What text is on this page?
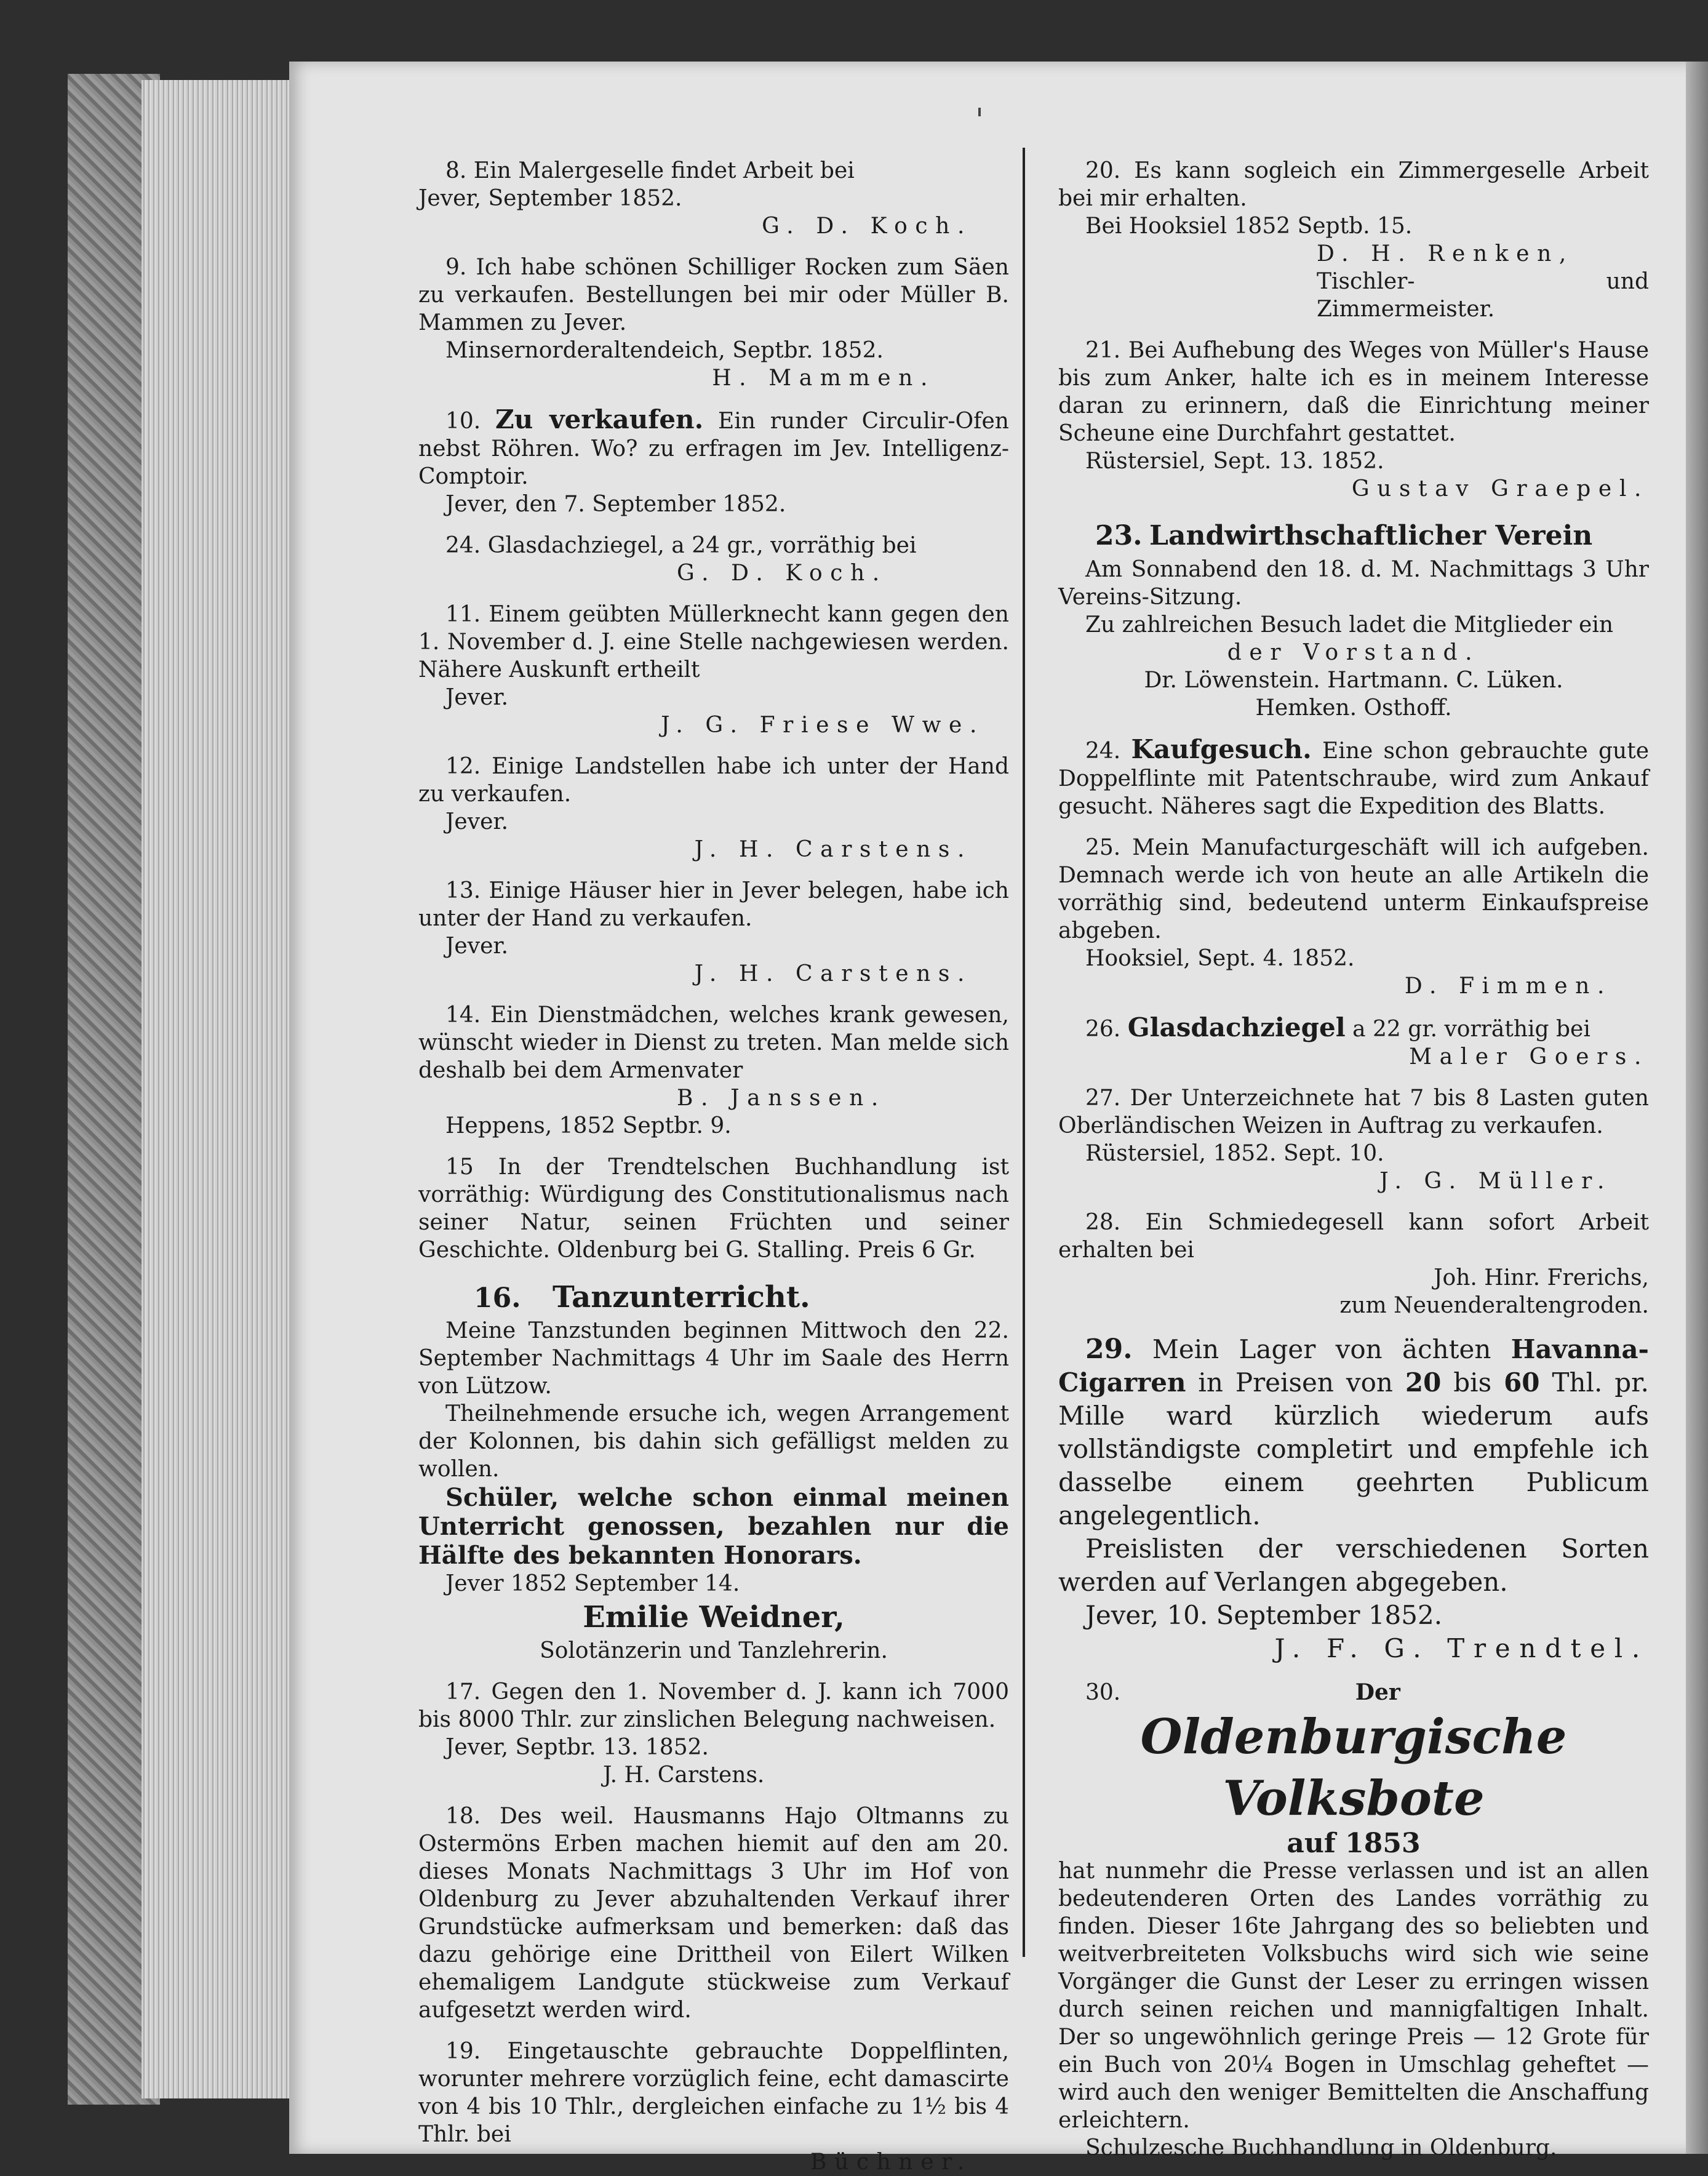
8. Ein Malergeselle findet Arbeit bei

Jever, September 1852.

G. D. Koch.

9. Ich habe schönen Schilliger Rocken zum Säen zu verkaufen. Bestellungen bei mir oder Müller B. Mammen zu Jever.

Minsernorderaltendeich, Septbr. 1852.

H. Mammen.

10. Zu verkaufen. Ein runder Circulir-Ofen nebst Röhren. Wo? zu erfragen im Jev. Intelligenz-Comptoir.

Jever, den 7. September 1852.

24. Glasdachziegel, a 24 gr., vorräthig bei

G. D. Koch.

11. Einem geübten Müllerknecht kann gegen den 1. November d. J. eine Stelle nachgewiesen werden. Nähere Auskunft ertheilt

Jever.

J. G. Friese Wwe.

12. Einige Landstellen habe ich unter der Hand zu verkaufen.

Jever.

J. H. Carstens.

13. Einige Häuser hier in Jever belegen, habe ich unter der Hand zu verkaufen.

Jever.

J. H. Carstens.

14. Ein Dienstmädchen, welches krank gewesen, wünscht wieder in Dienst zu treten. Man melde sich deshalb bei dem Armenvater

B. Janssen.

Heppens, 1852 Septbr. 9.

15 In der Trendtelschen Buchhandlung ist vorräthig: Würdigung des Constitutionalismus nach seiner Natur, seinen Früchten und seiner Geschichte. Oldenburg bei G. Stalling. Preis 6 Gr.

16. Tanzunterricht.

Meine Tanzstunden beginnen Mittwoch den 22. September Nachmittags 4 Uhr im Saale des Herrn von Lützow.

Theilnehmende ersuche ich, wegen Arrangement der Kolonnen, bis dahin sich gefälligst melden zu wollen.

Schüler, welche schon einmal meinen Unterricht genossen, bezahlen nur die Hälfte des bekannten Honorars.

Jever 1852 September 14.

Emilie Weidner,

Solotänzerin und Tanzlehrerin.

17. Gegen den 1. November d. J. kann ich 7000 bis 8000 Thlr. zur zinslichen Belegung nachweisen.

Jever, Septbr. 13. 1852.

J. H. Carstens.

18. Des weil. Hausmanns Hajo Oltmanns zu Ostermöns Erben machen hiemit auf den am 20. dieses Monats Nachmittags 3 Uhr im Hof von Oldenburg zu Jever abzuhaltenden Verkauf ihrer Grundstücke aufmerksam und bemerken: daß das dazu gehörige eine Drittheil von Eilert Wilken ehemaligem Landgute stückweise zum Verkauf aufgesetzt werden wird.

19. Eingetauschte gebrauchte Doppelflinten, worunter mehrere vorzüglich feine, echt damascirte von 4 bis 10 Thlr., dergleichen einfache zu 1½ bis 4 Thlr. bei

Büchner.

20. Es kann sogleich ein Zimmergeselle Arbeit bei mir erhalten.

Bei Hooksiel 1852 Septb. 15.

D. H. Renken,

Tischler- und Zimmermeister.

21. Bei Aufhebung des Weges von Müller's Hause bis zum Anker, halte ich es in meinem Interesse daran zu erinnern, daß die Einrichtung meiner Scheune eine Durchfahrt gestattet.

Rüstersiel, Sept. 13. 1852.

Gustav Graepel.

23. Landwirthschaftlicher Verein

Am Sonnabend den 18. d. M. Nachmittags 3 Uhr Vereins-Sitzung.

Zu zahlreichen Besuch ladet die Mitglieder ein

der Vorstand.

Dr. Löwenstein. Hartmann. C. Lüken.

Hemken. Osthoff.

24. Kaufgesuch. Eine schon gebrauchte gute Doppelflinte mit Patentschraube, wird zum Ankauf gesucht. Näheres sagt die Expedition des Blatts.

25. Mein Manufacturgeschäft will ich aufgeben. Demnach werde ich von heute an alle Artikeln die vorräthig sind, bedeutend unterm Einkaufspreise abgeben.

Hooksiel, Sept. 4. 1852.

D. Fimmen.

26. Glasdachziegel a 22 gr. vorräthig bei

Maler Goers.

27. Der Unterzeichnete hat 7 bis 8 Lasten guten Oberländischen Weizen in Auftrag zu verkaufen.

Rüstersiel, 1852. Sept. 10.

J. G. Müller.

28. Ein Schmiedegesell kann sofort Arbeit erhalten bei

Joh. Hinr. Frerichs,

zum Neuenderaltengroden.

29. Mein Lager von ächten Havanna-Cigarren in Preisen von 20 bis 60 Thl. pr. Mille ward kürzlich wiederum aufs vollständigste completirt und empfehle ich dasselbe einem geehrten Publicum angelegentlich.

Preislisten der verschiedenen Sorten werden auf Verlangen abgegeben.

Jever, 10. September 1852.

J. F. G. Trendtel.

30.	Der

Oldenburgische Volksbote

auf 1853

hat nunmehr die Presse verlassen und ist an allen bedeutenderen Orten des Landes vorräthig zu finden. Dieser 16te Jahrgang des so beliebten und weitverbreiteten Volksbuchs wird sich wie seine Vorgänger die Gunst der Leser zu erringen wissen durch seinen reichen und mannigfaltigen Inhalt. Der so ungewöhnlich geringe Preis — 12 Grote für ein Buch von 20¼ Bogen in Umschlag geheftet — wird auch den weniger Bemittelten die Anschaffung erleichtern.

Schulzesche Buchhandlung in Oldenburg.
